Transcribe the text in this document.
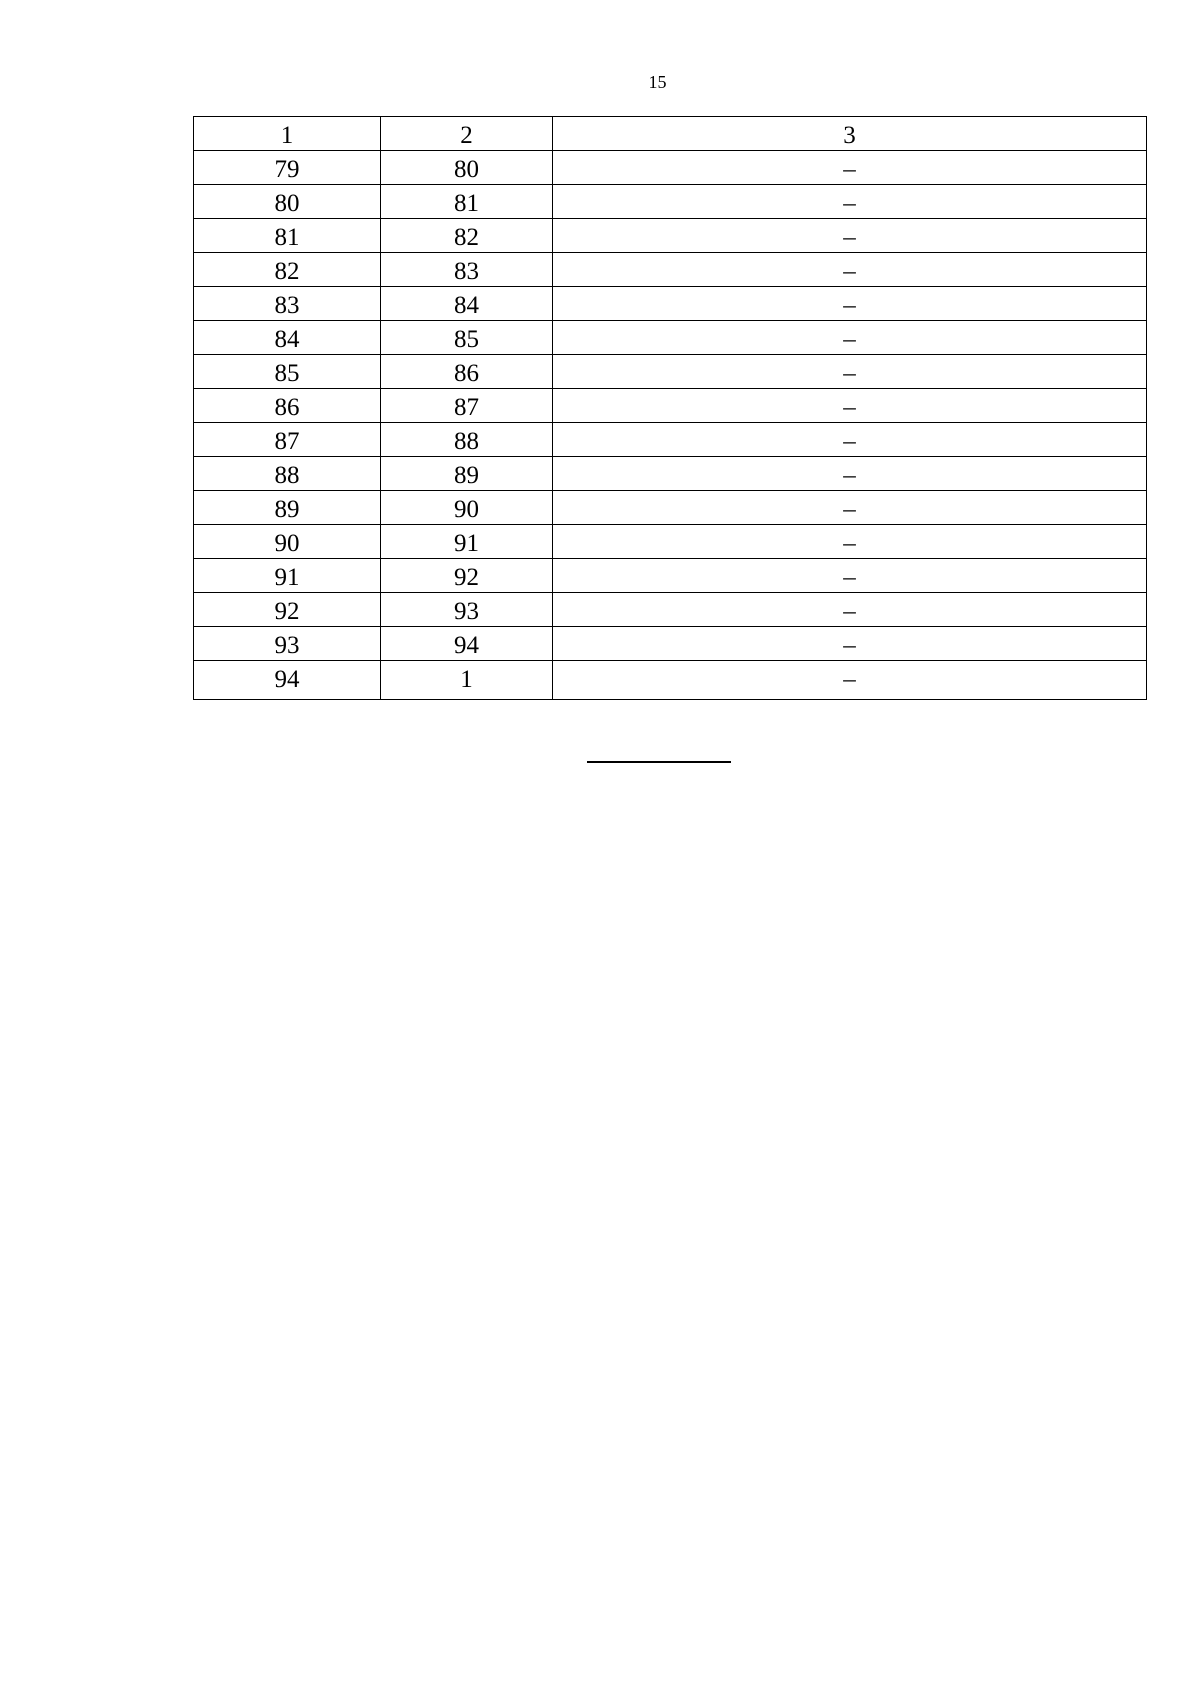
15
1	2	3
79	80	–
80	81	–
81	82	–
82	83	–
83	84	–
84	85	–
85	86	–
86	87	–
87	88	–
88	89	–
89	90	–
90	91	–
91	92	–
92	93	–
93	94	–
94	1	–
